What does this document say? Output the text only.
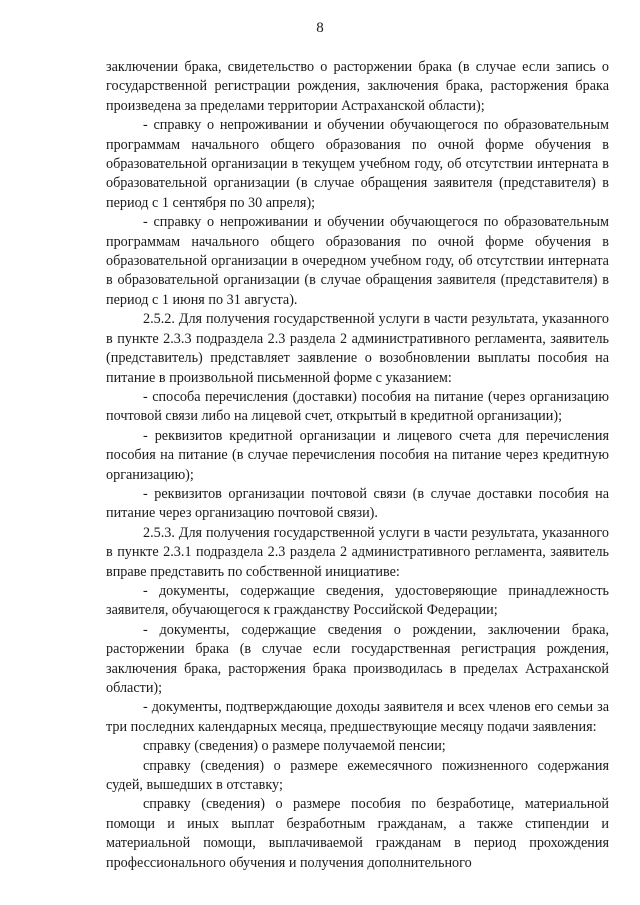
8

заключении брака, свидетельство о расторжении брака (в случае если запись о государственной регистрации рождения, заключения брака, расторжения брака произведена за пределами территории Астраханской области);

- справку о непроживании и обучении обучающегося по образовательным программам начального общего образования по очной форме обучения в образовательной организации в текущем учебном году, об отсутствии интерната в образовательной организации (в случае обращения заявителя (представителя) в период с 1 сентября по 30 апреля);

- справку о непроживании и обучении обучающегося по образовательным программам начального общего образования по очной форме обучения в образовательной организации в очередном учебном году, об отсутствии интерната в образовательной организации (в случае обращения заявителя (представителя) в период с 1 июня по 31 августа).

2.5.2. Для получения государственной услуги в части результата, указанного в пункте 2.3.3 подраздела 2.3 раздела 2 административного регламента, заявитель (представитель) представляет заявление о возобновлении выплаты пособия на питание в произвольной письменной форме с указанием:

- способа перечисления (доставки) пособия на питание (через организацию почтовой связи либо на лицевой счет, открытый в кредитной организации);

- реквизитов кредитной организации и лицевого счета для перечисления пособия на питание (в случае перечисления пособия на питание через кредитную организацию);

- реквизитов организации почтовой связи (в случае доставки пособия на питание через организацию почтовой связи).

2.5.3. Для получения государственной услуги в части результата, указанного в пункте 2.3.1 подраздела 2.3 раздела 2 административного регламента, заявитель вправе представить по собственной инициативе:

- документы, содержащие сведения, удостоверяющие принадлежность заявителя, обучающегося к гражданству Российской Федерации;

- документы, содержащие сведения о рождении, заключении брака, расторжении брака (в случае если государственная регистрация рождения, заключения брака, расторжения брака производилась в пределах Астраханской области);

- документы, подтверждающие доходы заявителя и всех членов его семьи за три последних календарных месяца, предшествующие месяцу подачи заявления:

справку (сведения) о размере получаемой пенсии;

справку (сведения) о размере ежемесячного пожизненного содержания судей, вышедших в отставку;

справку (сведения) о размере пособия по безработице, материальной помощи и иных выплат безработным гражданам, а также стипендии и материальной помощи, выплачиваемой гражданам в период прохождения профессионального обучения и получения дополнительного
